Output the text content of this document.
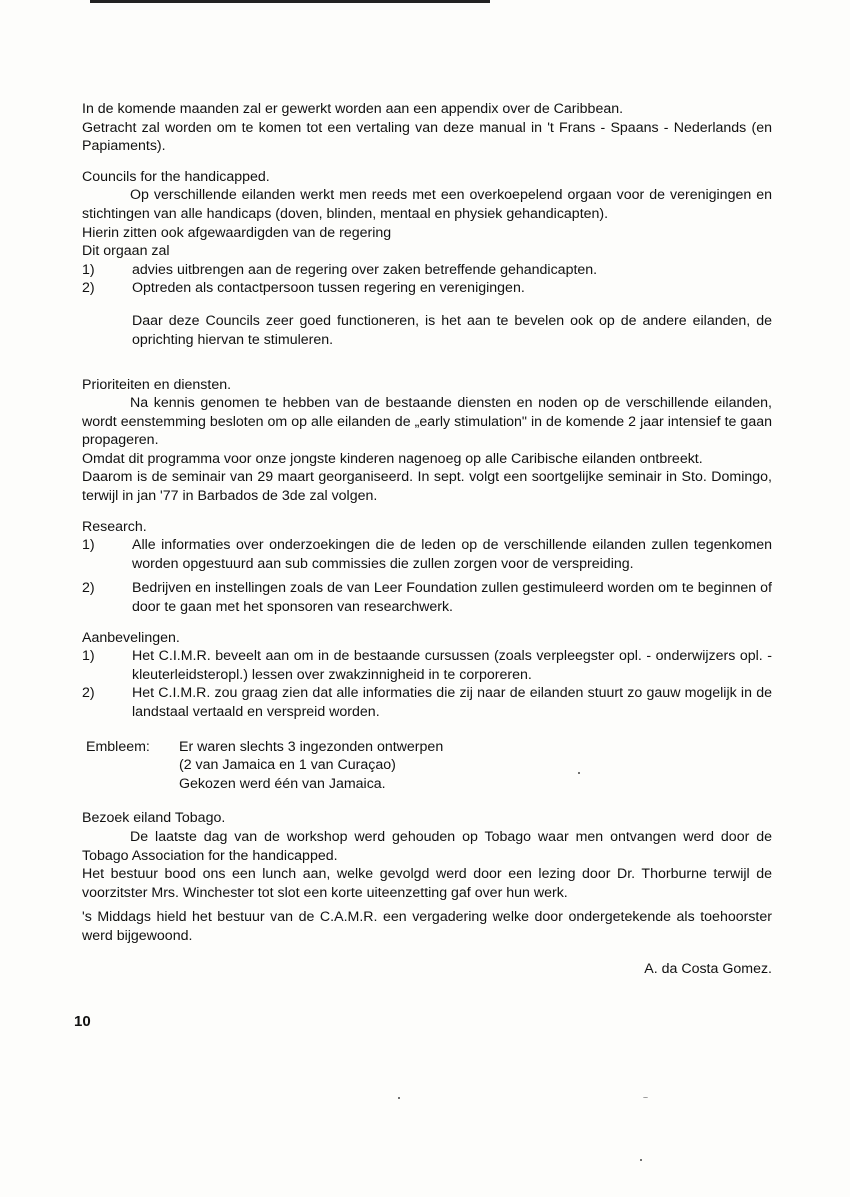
In de komende maanden zal er gewerkt worden aan een appendix over de Caribbean.

Getracht zal worden om te komen tot een vertaling van deze manual in 't Frans - Spaans - Nederlands (en Papiaments).

Councils for the handicapped.

Op verschillende eilanden werkt men reeds met een overkoepelend orgaan voor de verenigingen en stichtingen van alle handicaps (doven, blinden, mentaal en physiek gehandicapten).

Hierin zitten ook afgewaardigden van de regering

Dit orgaan zal

1)	advies uitbrengen aan de regering over zaken betreffende gehandicapten.
2)	Optreden als contactpersoon tussen regering en verenigingen.

Daar deze Councils zeer goed functioneren, is het aan te bevelen ook op de andere eilanden, de oprichting hiervan te stimuleren.

Prioriteiten en diensten.

Na kennis genomen te hebben van de bestaande diensten en noden op de verschillende eilanden, wordt eenstemming besloten om op alle eilanden de „early stimulation" in de komende 2 jaar intensief te gaan propageren.

Omdat dit programma voor onze jongste kinderen nagenoeg op alle Caribische eilanden ontbreekt.

Daarom is de seminair van 29 maart georganiseerd. In sept. volgt een soortgelijke seminair in Sto. Domingo, terwijl in jan '77 in Barbados de 3de zal volgen.

Research.

1)	Alle informaties over onderzoekingen die de leden op de verschillende eilanden zullen tegenkomen worden opgestuurd aan sub commissies die zullen zorgen voor de verspreiding.
2)	Bedrijven en instellingen zoals de van Leer Foundation zullen gestimuleerd worden om te beginnen of door te gaan met het sponsoren van researchwerk.

Aanbevelingen.

1)	Het C.I.M.R. beveelt aan om in de bestaande cursussen (zoals verpleegster opl. - onderwijzers opl. - kleuterleidsteropl.) lessen over zwakzinnigheid in te corporeren.
2)	Het C.I.M.R. zou graag zien dat alle informaties die zij naar de eilanden stuurt zo gauw mogelijk in de landstaal vertaald en verspreid worden.
Embleem:	Er waren slechts 3 ingezonden ontwerpen
(2 van Jamaica en 1 van Curaçao)
Gekozen werd één van Jamaica.

Bezoek eiland Tobago.

De laatste dag van de workshop werd gehouden op Tobago waar men ontvangen werd door de Tobago Association for the handicapped.

Het bestuur bood ons een lunch aan, welke gevolgd werd door een lezing door Dr. Thorburne terwijl de voorzitster Mrs. Winchester tot slot een korte uiteenzetting gaf over hun werk.

's Middags hield het bestuur van de C.A.M.R. een vergadering welke door ondergetekende als toehoorster werd bijgewoond.

A. da Costa Gomez.

10
